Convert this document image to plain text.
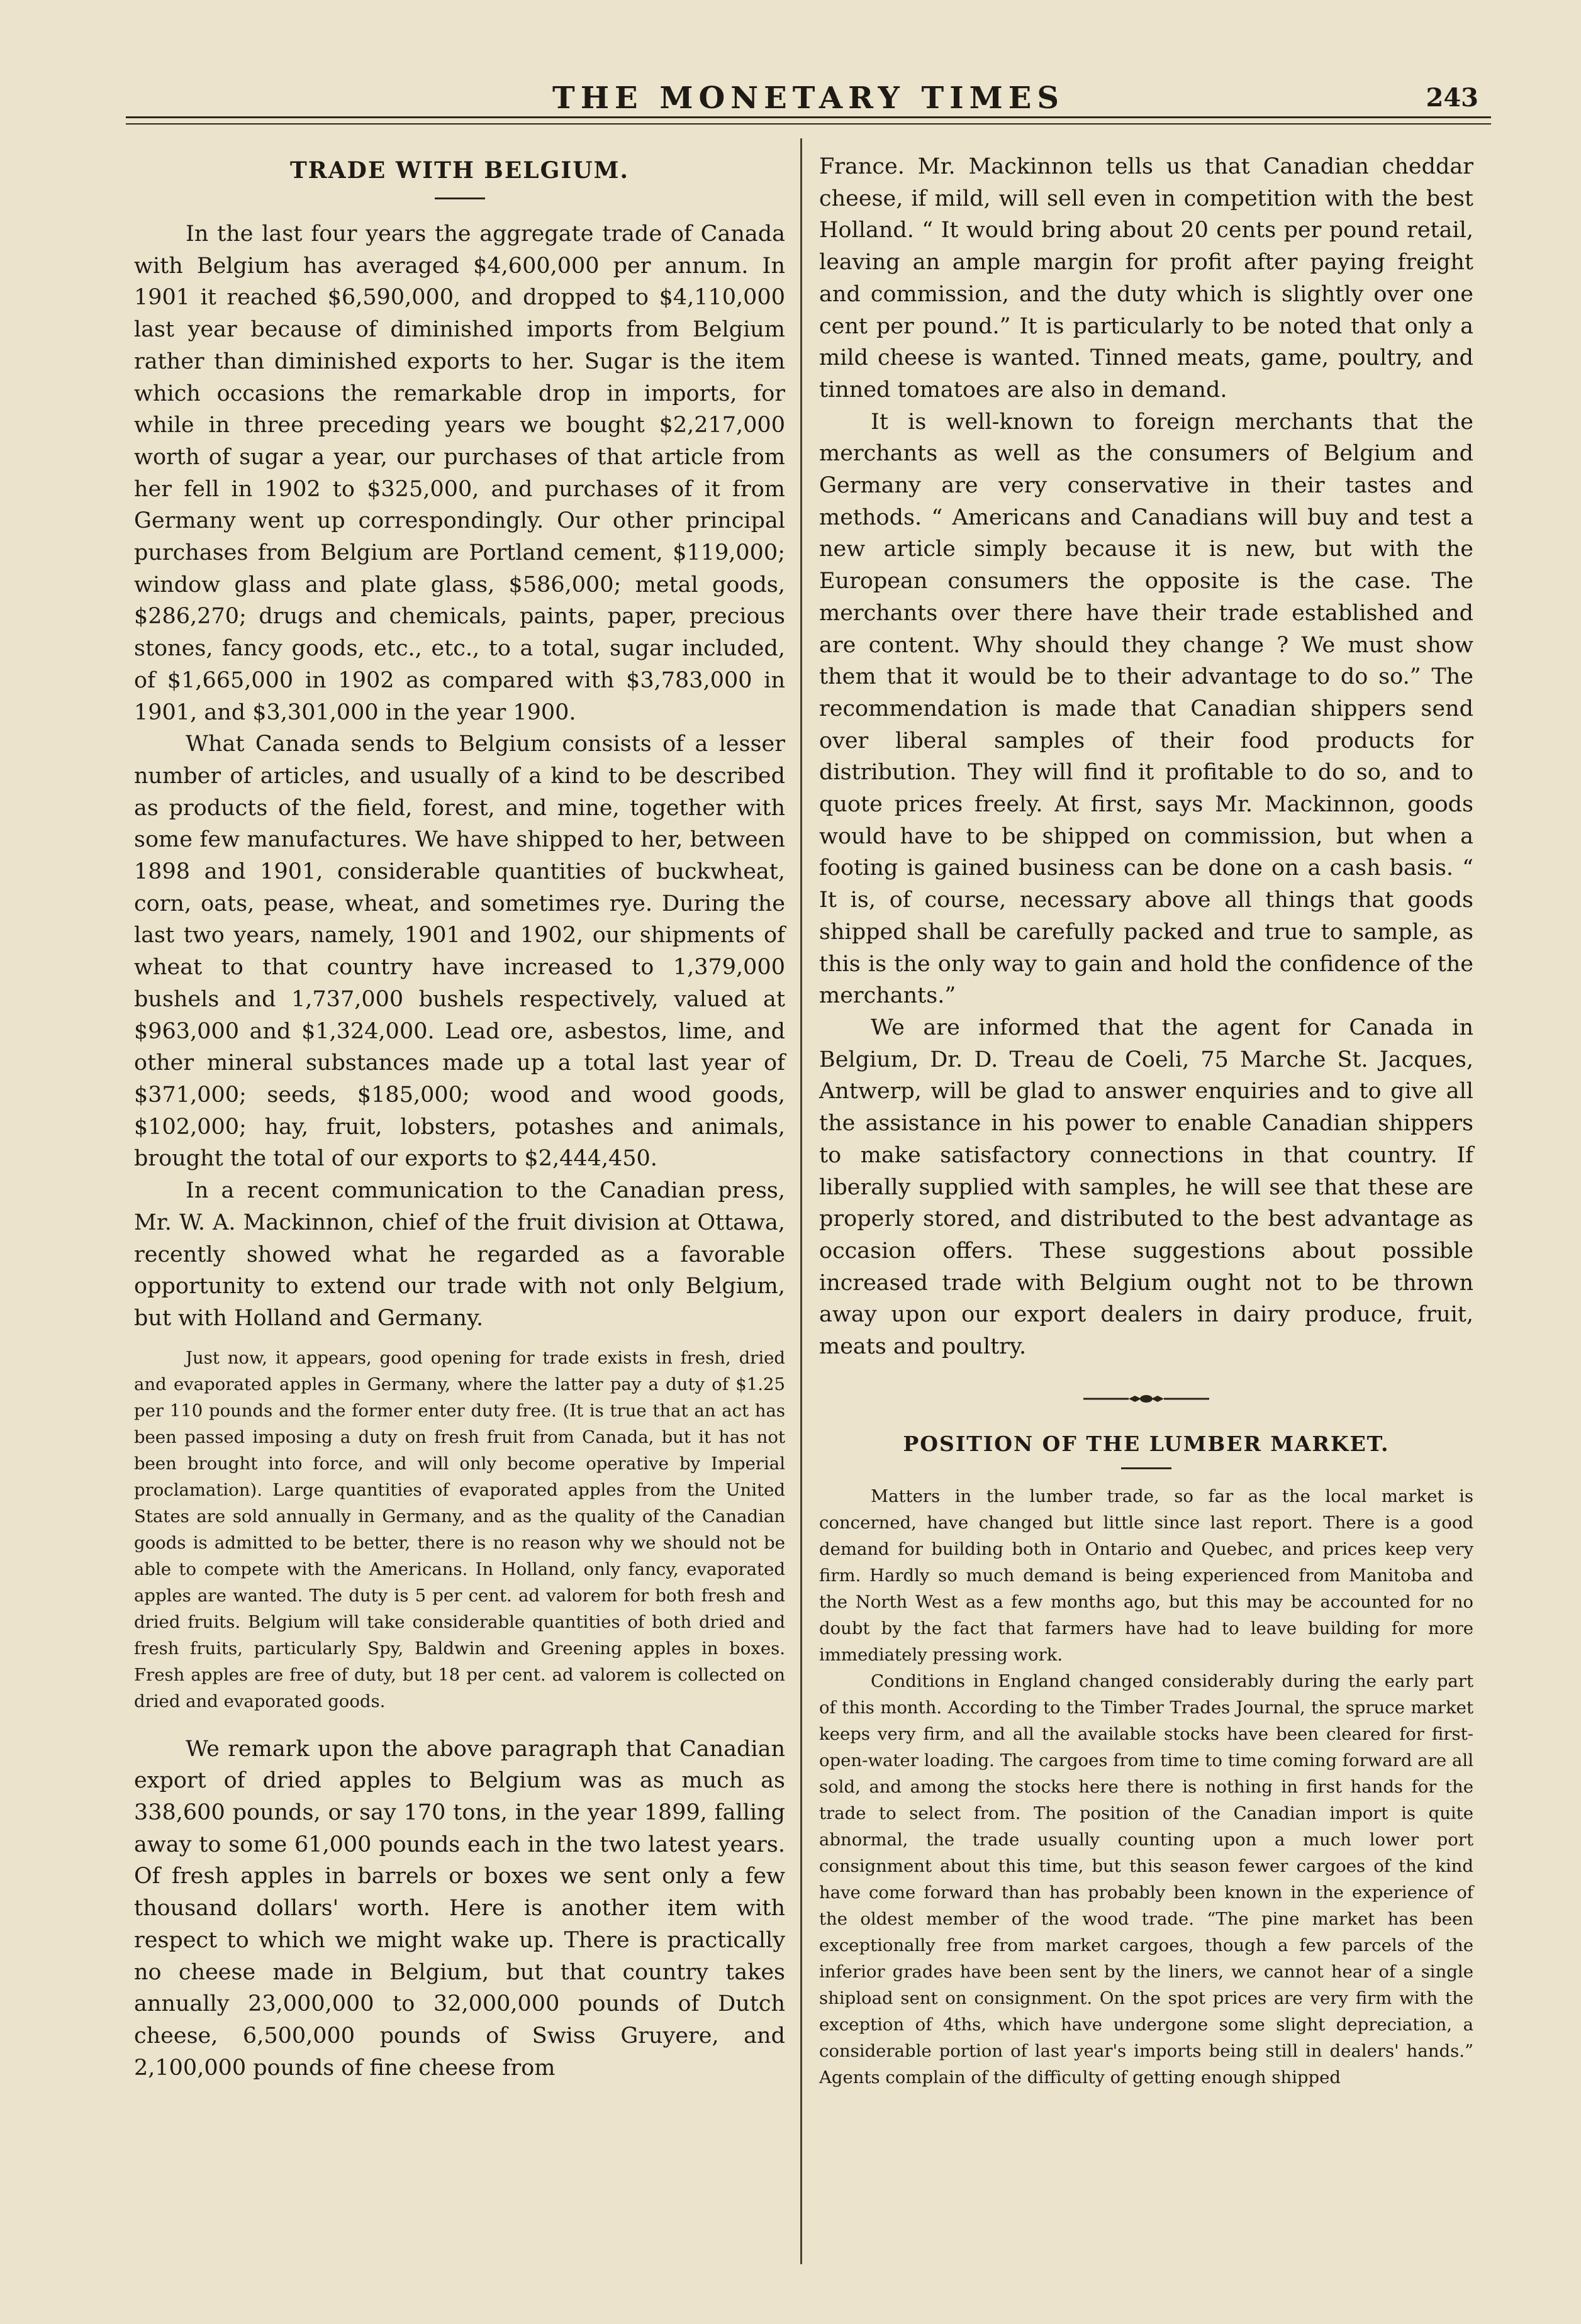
THE MONETARY TIMES	243
TRADE WITH BELGIUM.

In the last four years the aggregate trade of Canada with Belgium has averaged $4,600,000 per annum. In 1901 it reached $6,590,000, and dropped to $4,110,000 last year because of diminished imports from Belgium rather than diminished exports to her. Sugar is the item which occasions the remarkable drop in imports, for while in three preceding years we bought $2,217,000 worth of sugar a year, our purchases of that article from her fell in 1902 to $325,000, and purchases of it from Germany went up correspondingly. Our other principal purchases from Belgium are Portland cement, $119,000; window glass and plate glass, $586,000; metal goods, $286,270; drugs and chemicals, paints, paper, precious stones, fancy goods, etc., etc., to a total, sugar included, of $1,665,000 in 1902 as compared with $3,783,000 in 1901, and $3,301,000 in the year 1900.

What Canada sends to Belgium consists of a lesser number of articles, and usually of a kind to be described as products of the field, forest, and mine, together with some few manufactures. We have shipped to her, between 1898 and 1901, considerable quantities of buckwheat, corn, oats, pease, wheat, and sometimes rye. During the last two years, namely, 1901 and 1902, our shipments of wheat to that country have increased to 1,379,000 bushels and 1,737,000 bushels respectively, valued at $963,000 and $1,324,000. Lead ore, asbestos, lime, and other mineral substances made up a total last year of $371,000; seeds, $185,000; wood and wood goods, $102,000; hay, fruit, lobsters, potashes and animals, brought the total of our exports to $2,444,450.

In a recent communication to the Canadian press, Mr. W. A. Mackinnon, chief of the fruit division at Ottawa, recently showed what he regarded as a favorable opportunity to extend our trade with not only Belgium, but with Holland and Germany.

Just now, it appears, good opening for trade exists in fresh, dried and evaporated apples in Germany, where the latter pay a duty of $1.25 per 110 pounds and the former enter duty free. (It is true that an act has been passed imposing a duty on fresh fruit from Canada, but it has not been brought into force, and will only become operative by Imperial proclamation). Large quantities of evaporated apples from the United States are sold annually in Germany, and as the quality of the Canadian goods is admitted to be better, there is no reason why we should not be able to compete with the Americans. In Holland, only fancy, evaporated apples are wanted. The duty is 5 per cent. ad valorem for both fresh and dried fruits. Belgium will take considerable quantities of both dried and fresh fruits, particularly Spy, Baldwin and Greening apples in boxes. Fresh apples are free of duty, but 18 per cent. ad valorem is collected on dried and evaporated goods.

We remark upon the above paragraph that Canadian export of dried apples to Belgium was as much as 338,600 pounds, or say 170 tons, in the year 1899, falling away to some 61,000 pounds each in the two latest years. Of fresh apples in barrels or boxes we sent only a few thousand dollars' worth. Here is another item with respect to which we might wake up. There is practically no cheese made in Belgium, but that country takes annually 23,000,000 to 32,000,000 pounds of Dutch cheese, 6,500,000 pounds of Swiss Gruyere, and 2,100,000 pounds of fine cheese from

France. Mr. Mackinnon tells us that Canadian cheddar cheese, if mild, will sell even in competition with the best Holland. “ It would bring about 20 cents per pound retail, leaving an ample margin for profit after paying freight and commission, and the duty which is slightly over one cent per pound.” It is particularly to be noted that only a mild cheese is wanted. Tinned meats, game, poultry, and tinned tomatoes are also in demand.

It is well-known to foreign merchants that the merchants as well as the consumers of Belgium and Germany are very conservative in their tastes and methods. “ Americans and Canadians will buy and test a new article simply because it is new, but with the European consumers the opposite is the case. The merchants over there have their trade established and are content. Why should they change ? We must show them that it would be to their advantage to do so.” The recommendation is made that Canadian shippers send over liberal samples of their food products for distribution. They will find it profitable to do so, and to quote prices freely. At first, says Mr. Mackinnon, goods would have to be shipped on commission, but when a footing is gained business can be done on a cash basis. “ It is, of course, necessary above all things that goods shipped shall be carefully packed and true to sample, as this is the only way to gain and hold the confidence of the merchants.”

We are informed that the agent for Canada in Belgium, Dr. D. Treau de Coeli, 75 Marche St. Jacques, Antwerp, will be glad to answer enquiries and to give all the assistance in his power to enable Canadian shippers to make satisfactory connections in that country. If liberally supplied with samples, he will see that these are properly stored, and distributed to the best advantage as occasion offers. These suggestions about possible increased trade with Belgium ought not to be thrown away upon our export dealers in dairy produce, fruit, meats and poultry.

POSITION OF THE LUMBER MARKET.

Matters in the lumber trade, so far as the local market is concerned, have changed but little since last report. There is a good demand for building both in Ontario and Quebec, and prices keep very firm. Hardly so much demand is being experienced from Manitoba and the North West as a few months ago, but this may be accounted for no doubt by the fact that farmers have had to leave building for more immediately pressing work.

Conditions in England changed considerably during the early part of this month. According to the Timber Trades Journal, the spruce market keeps very firm, and all the available stocks have been cleared for first-open-water loading. The cargoes from time to time coming forward are all sold, and among the stocks here there is nothing in first hands for the trade to select from. The position of the Canadian import is quite abnormal, the trade usually counting upon a much lower port consignment about this time, but this season fewer cargoes of the kind have come forward than has probably been known in the experience of the oldest member of the wood trade. “The pine market has been exceptionally free from market cargoes, though a few parcels of the inferior grades have been sent by the liners, we cannot hear of a single shipload sent on consignment. On the spot prices are very firm with the exception of 4ths, which have undergone some slight depreciation, a considerable portion of last year's imports being still in dealers' hands.” Agents complain of the difficulty of getting enough shipped
